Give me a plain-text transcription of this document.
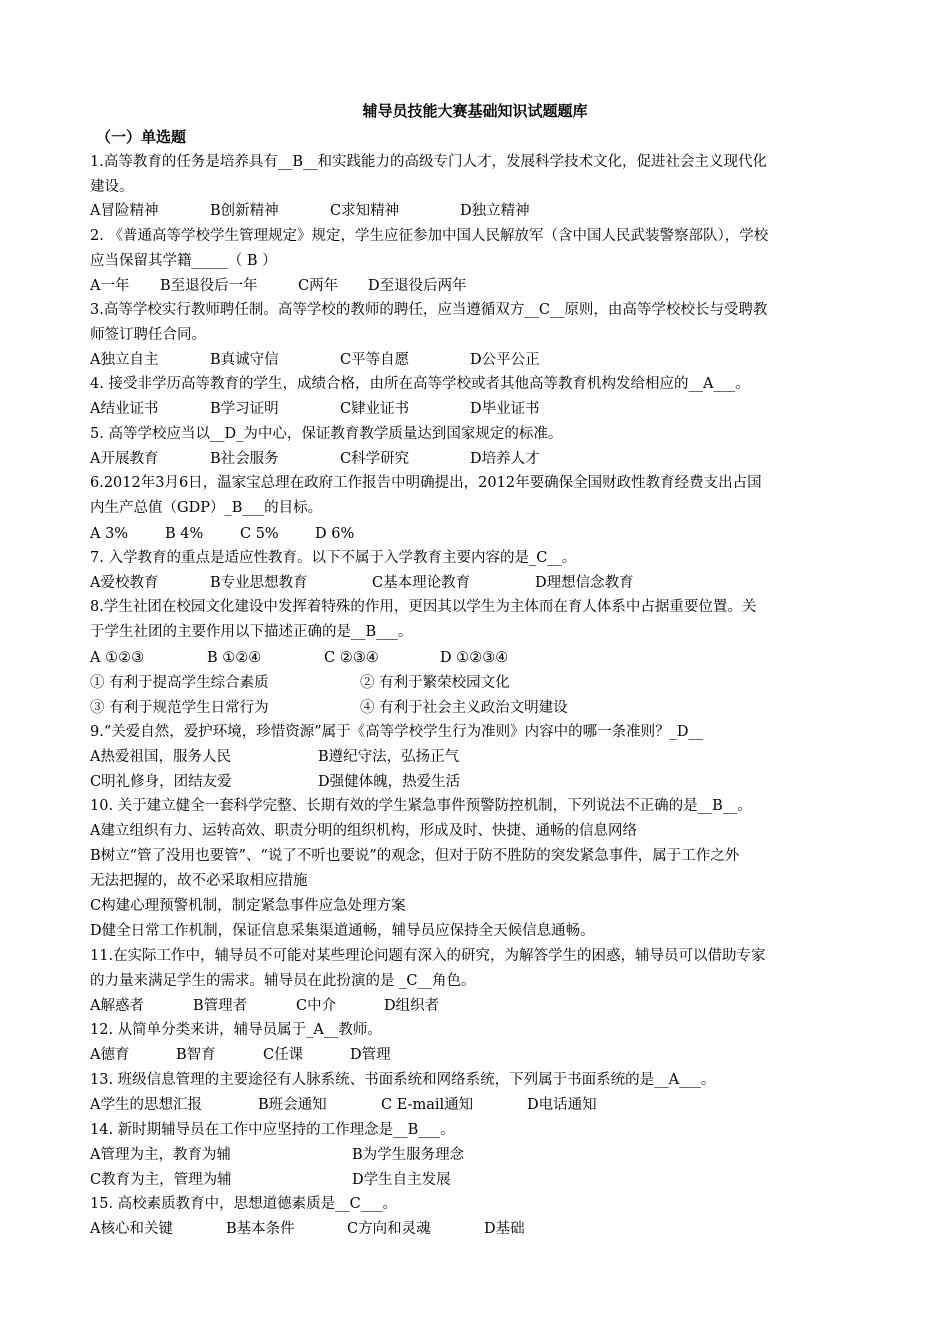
辅导员技能大赛基础知识试题题库
（一）单选题
1.高等教育的任务是培养具有__B__和实践能力的高级专门人才，发展科学技术文化，促进社会主义现代化
建设。
2. 《普通高等学校学生管理规定》规定，学生应征参加中国人民解放军（含中国人民武装警察部队），学校
应当保留其学籍_____（ B ）
3.高等学校实行教师聘任制。高等学校的教师的聘任，应当遵循双方__C__原则，由高等学校校长与受聘教
师签订聘任合同。
4. 接受非学历高等教育的学生，成绩合格，由所在高等学校或者其他高等教育机构发给相应的__A___。
5. 高等学校应当以__D_为中心，保证教育教学质量达到国家规定的标准。
6.2012年3月6日，温家宝总理在政府工作报告中明确提出，2012年要确保全国财政性教育经费支出占国
内生产总值（GDP）_B___的目标。
7. 入学教育的重点是适应性教育。以下不属于入学教育主要内容的是_C__。
8.学生社团在校园文化建设中发挥着特殊的作用，更因其以学生为主体而在育人体系中占据重要位置。关
于学生社团的主要作用以下描述正确的是__B___。
9.“关爱自然，爱护环境，珍惜资源”属于《高等学校学生行为准则》内容中的哪一条准则？_D__
10. 关于建立健全一套科学完整、长期有效的学生紧急事件预警防控机制，下列说法不正确的是__B__。
A建立组织有力、运转高效、职责分明的组织机构，形成及时、快捷、通畅的信息网络
B树立“管了没用也要管”、“说了不听也要说”的观念，但对于防不胜防的突发紧急事件，属于工作之外
无法把握的，故不必采取相应措施
C构建心理预警机制，制定紧急事件应急处理方案
D健全日常工作机制，保证信息采集渠道通畅，辅导员应保持全天候信息通畅。
11.在实际工作中，辅导员不可能对某些理论问题有深入的研究，为解答学生的困惑，辅导员可以借助专家
的力量来满足学生的需求。辅导员在此扮演的是 _C__角色。
12. 从简单分类来讲，辅导员属于_A__教师。
13. 班级信息管理的主要途径有人脉系统、书面系统和网络系统，下列属于书面系统的是__A___。
14. 新时期辅导员在工作中应坚持的工作理念是__B___。
15. 高校素质教育中，思想道德素质是__C___。
A冒险精神	B创新精神	C求知精神	D独立精神
A一年 B至退役后一年	C两年 D至退役后两年
A独立自主	B真诚守信	C平等自愿	D公平公正
A结业证书	B学习证明	C肄业证书	D毕业证书
A开展教育	B社会服务	C科学研究	D培养人才
A 3%	B 4%	C 5%	D 6%
A爱校教育	B专业思想教育	C基本理论教育	D理想信念教育
A ①②③	B ①②④	C ②③④	D ①②③④
① 有利于提高学生综合素质	② 有利于繁荣校园文化
③ 有利于规范学生日常行为	④ 有利于社会主义政治文明建设
A热爱祖国，服务人民	B遵纪守法，弘扬正气
C明礼修身，团结友爱	D强健体魄，热爱生活
A解惑者	B管理者	C中介	D组织者
A德育	B智育	C任课	D管理
A学生的思想汇报	B班会通知	C E-mail通知	D电话通知
A管理为主，教育为辅	B为学生服务理念
C教育为主，管理为辅	D学生自主发展
A核心和关键	B基本条件	C方向和灵魂	D基础
